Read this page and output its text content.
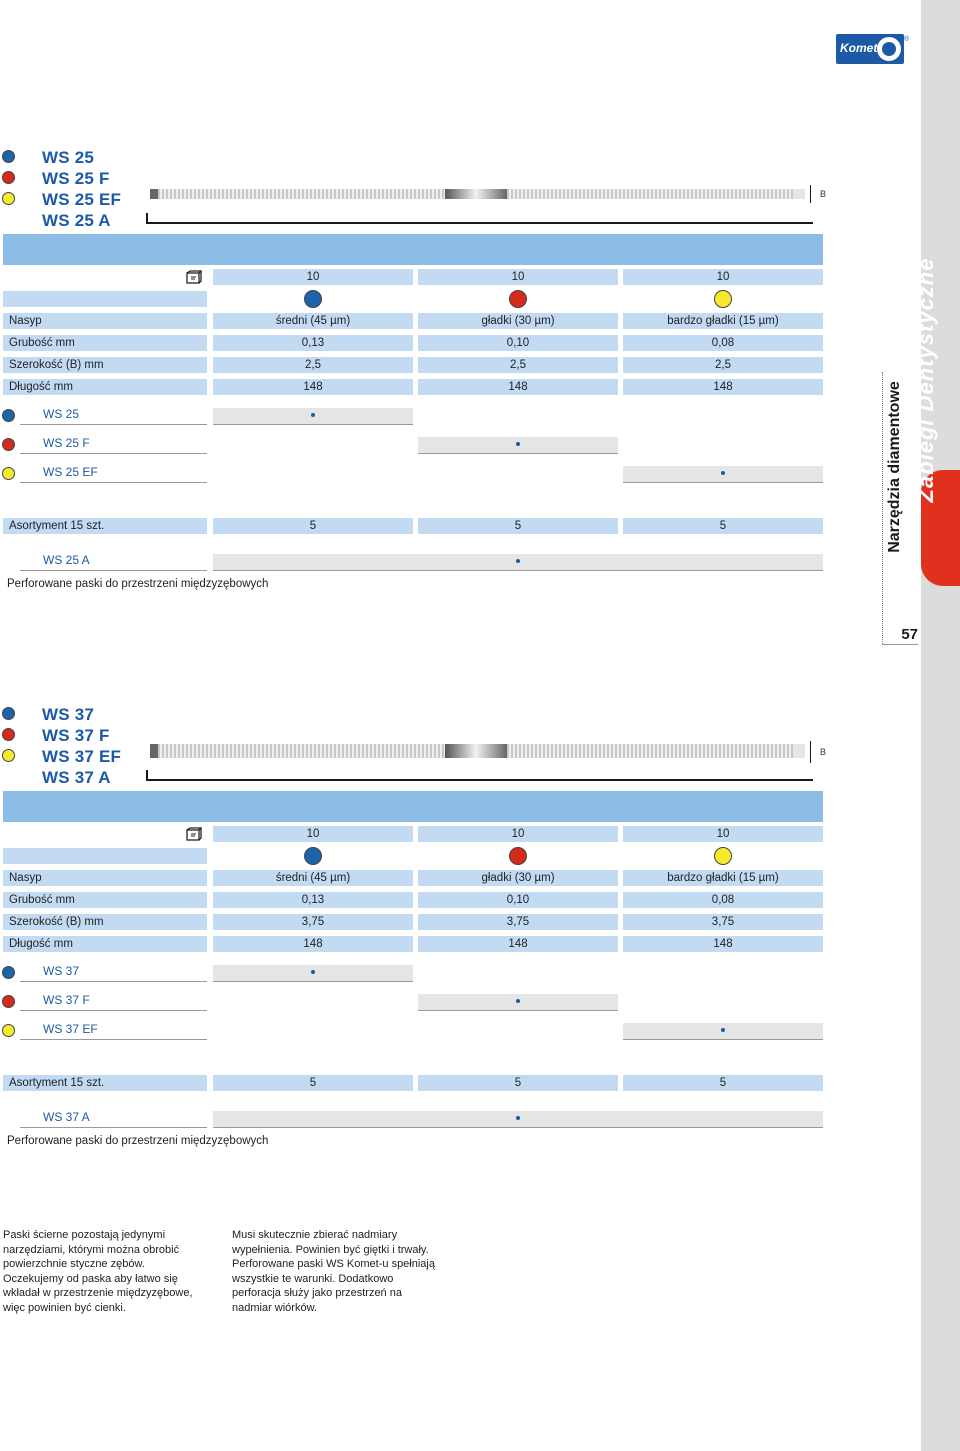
Zabiegi Dentystyczne
Narzędzia diamentowe
57
Komet
®
WS 25
WS 25 F
WS 25 EF
WS 25 A
B
10	10	10
Nasyp	średni (45 µm)	gładki (30 µm)	bardzo gładki (15 µm)
Grubość mm	0,13	0,10	0,08
Szerokość (B) mm	2,5	2,5	2,5
Długość mm	148	148	148
WS 25
WS 25 F
WS 25 EF
Asortyment 15 szt.	5	5	5
WS 25 A
Perforowane paski do przestrzeni międzyzębowych
WS 37
WS 37 F
WS 37 EF
WS 37 A
B
10	10	10
Nasyp	średni (45 µm)	gładki (30 µm)	bardzo gładki (15 µm)
Grubość mm	0,13	0,10	0,08
Szerokość (B) mm	3,75	3,75	3,75
Długość mm	148	148	148
WS 37
WS 37 F
WS 37 EF
Asortyment 15 szt.	5	5	5
WS 37 A
Perforowane paski do przestrzeni międzyzębowych
Paski ścierne pozostają jedynymi
narzędziami, którymi można obrobić
powierzchnie styczne zębów.
Oczekujemy od paska aby łatwo się
wkładał w przestrzenie międzyzębowe,
więc powinien być cienki.
Musi skutecznie zbierać nadmiary
wypełnienia. Powinien być giętki i trwały.
Perforowane paski WS Komet-u spełniają
wszystkie te warunki. Dodatkowo
perforacja służy jako przestrzeń na
nadmiar wiórków.
